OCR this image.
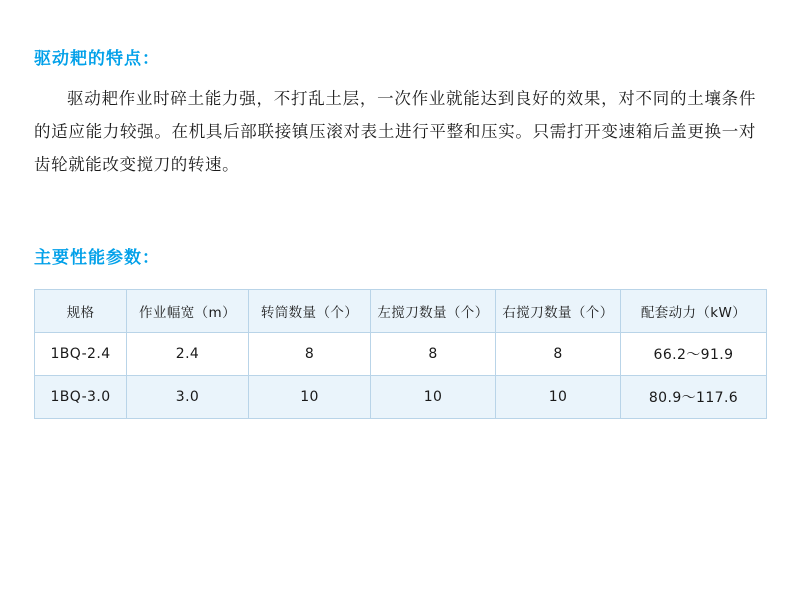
驱动耙的特点：

驱动耙作业时碎土能力强，不打乱土层，一次作业就能达到良好的效果，对不同的土壤条件的适应能力较强。在机具后部联接镇压滚对表土进行平整和压实。只需打开变速箱后盖更换一对齿轮就能改变搅刀的转速。

主要性能参数：
规格	作业幅宽（m）	转筒数量（个）	左搅刀数量（个）	右搅刀数量（个）	配套动力（kW）
1BQ-2.4	2.4	8	8	8	66.2～91.9
1BQ-3.0	3.0	10	10	10	80.9～117.6
